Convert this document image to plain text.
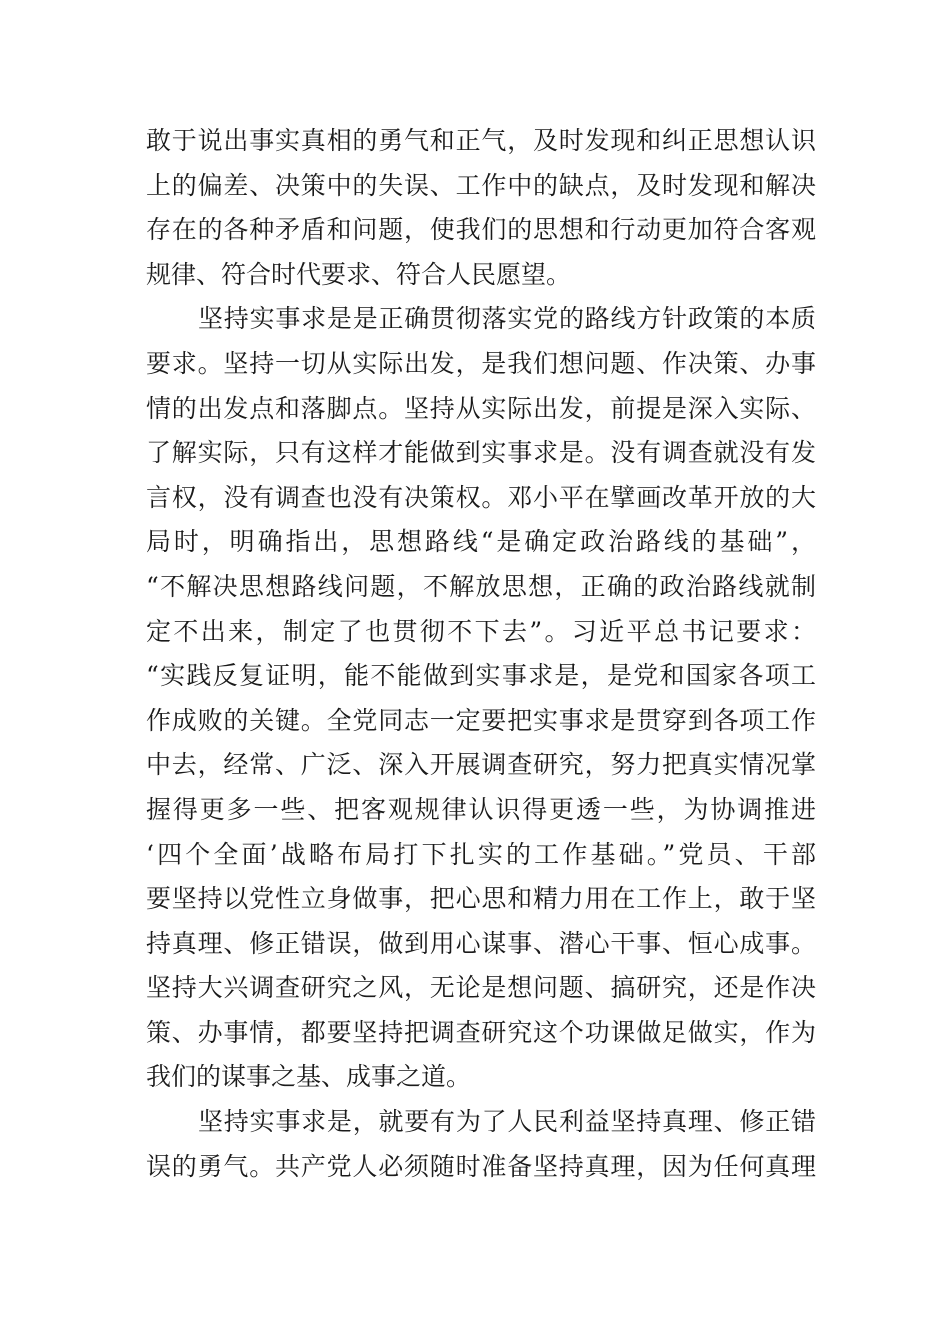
敢于说出事实真相的勇气和正气，及时发现和纠正思想认识
上的偏差、决策中的失误、工作中的缺点，及时发现和解决
存在的各种矛盾和问题，使我们的思想和行动更加符合客观
规律、符合时代要求、符合人民愿望。
坚持实事求是是正确贯彻落实党的路线方针政策的本质
要求。坚持一切从实际出发，是我们想问题、作决策、办事
情的出发点和落脚点。坚持从实际出发，前提是深入实际、
了解实际，只有这样才能做到实事求是。没有调查就没有发
言权，没有调查也没有决策权。邓小平在擘画改革开放的大
局时，明确指出，思想路线“是确定政治路线的基础”，
“不解决思想路线问题，不解放思想，正确的政治路线就制
定不出来，制定了也贯彻不下去”。习近平总书记要求：
“实践反复证明，能不能做到实事求是，是党和国家各项工
作成败的关键。全党同志一定要把实事求是贯穿到各项工作
中去，经常、广泛、深入开展调查研究，努力把真实情况掌
握得更多一些、把客观规律认识得更透一些，为协调推进
‘四个全面’战略布局打下扎实的工作基础。”党员、干部
要坚持以党性立身做事，把心思和精力用在工作上，敢于坚
持真理、修正错误，做到用心谋事、潜心干事、恒心成事。
坚持大兴调查研究之风，无论是想问题、搞研究，还是作决
策、办事情，都要坚持把调查研究这个功课做足做实，作为
我们的谋事之基、成事之道。
坚持实事求是，就要有为了人民利益坚持真理、修正错
误的勇气。共产党人必须随时准备坚持真理，因为任何真理
